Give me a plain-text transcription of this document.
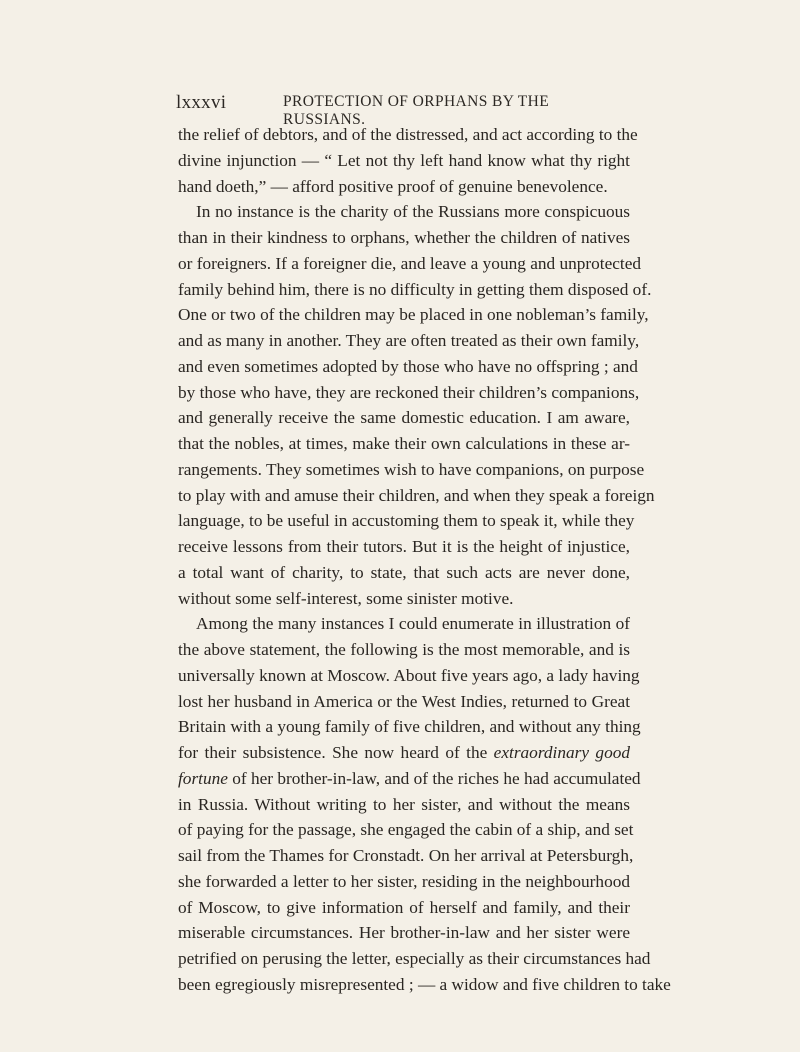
lxxxvi	PROTECTION OF ORPHANS BY THE RUSSIANS.
the relief of debtors, and of the distressed, and act according to the
divine injunction — “ Let not thy left hand know what thy right
hand doeth,” — afford positive proof of genuine benevolence.
In no instance is the charity of the Russians more conspicuous
than in their kindness to orphans, whether the children of natives
or foreigners. If a foreigner die, and leave a young and unprotected
family behind him, there is no difficulty in getting them disposed of.
One or two of the children may be placed in one nobleman’s family,
and as many in another. They are often treated as their own family,
and even sometimes adopted by those who have no offspring ; and
by those who have, they are reckoned their children’s companions,
and generally receive the same domestic education. I am aware,
that the nobles, at times, make their own calculations in these ar-
rangements. They sometimes wish to have companions, on purpose
to play with and amuse their children, and when they speak a foreign
language, to be useful in accustoming them to speak it, while they
receive lessons from their tutors. But it is the height of injustice,
a total want of charity, to state, that such acts are never done,
without some self-interest, some sinister motive.
Among the many instances I could enumerate in illustration of
the above statement, the following is the most memorable, and is
universally known at Moscow. About five years ago, a lady having
lost her husband in America or the West Indies, returned to Great
Britain with a young family of five children, and without any thing
for their subsistence. She now heard of the extraordinary good
fortune of her brother-in-law, and of the riches he had accumulated
in Russia. Without writing to her sister, and without the means
of paying for the passage, she engaged the cabin of a ship, and set
sail from the Thames for Cronstadt. On her arrival at Petersburgh,
she forwarded a letter to her sister, residing in the neighbourhood
of Moscow, to give information of herself and family, and their
miserable circumstances. Her brother-in-law and her sister were
petrified on perusing the letter, especially as their circumstances had
been egregiously misrepresented ; — a widow and five children to take
